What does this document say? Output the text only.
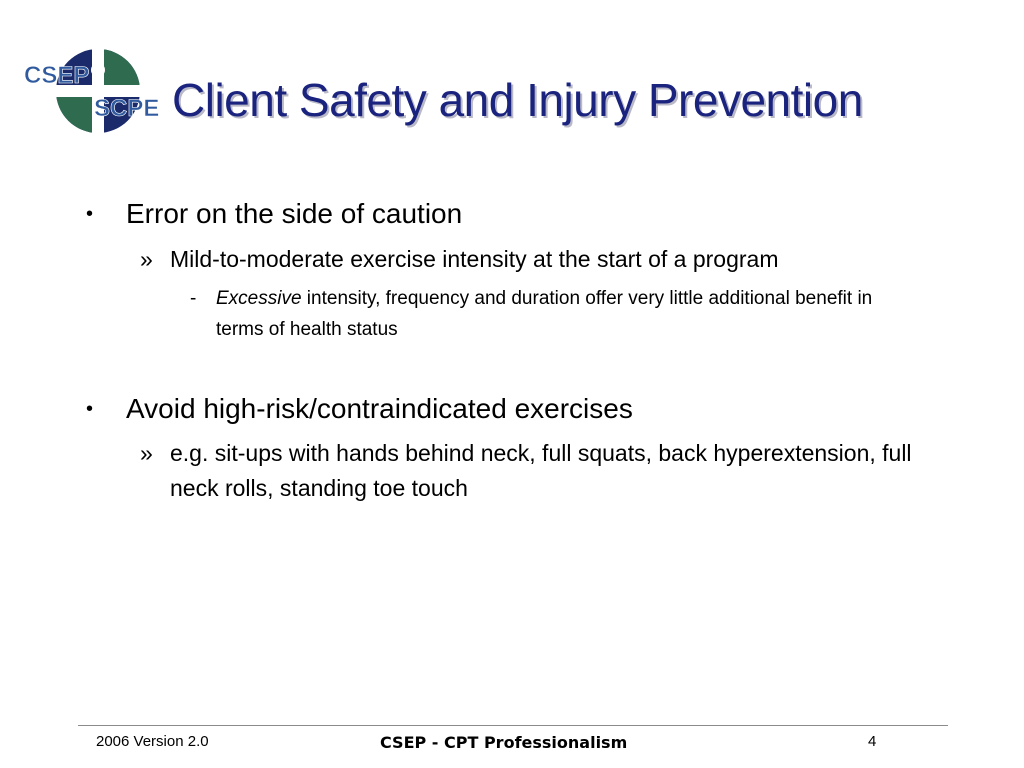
CSEP
SCPE Client Safety and Injury Prevention
• Error on the side of caution
» Mild-to-moderate exercise intensity at the start of a program
- Excessive intensity, frequency and duration offer very little additional benefit in terms of health status
• Avoid high-risk/contraindicated exercises
» e.g. sit-ups with hands behind neck, full squats, back hyperextension, full neck rolls, standing toe touch
2006 Version 2.0	CSEP - CPT Professionalism	4
